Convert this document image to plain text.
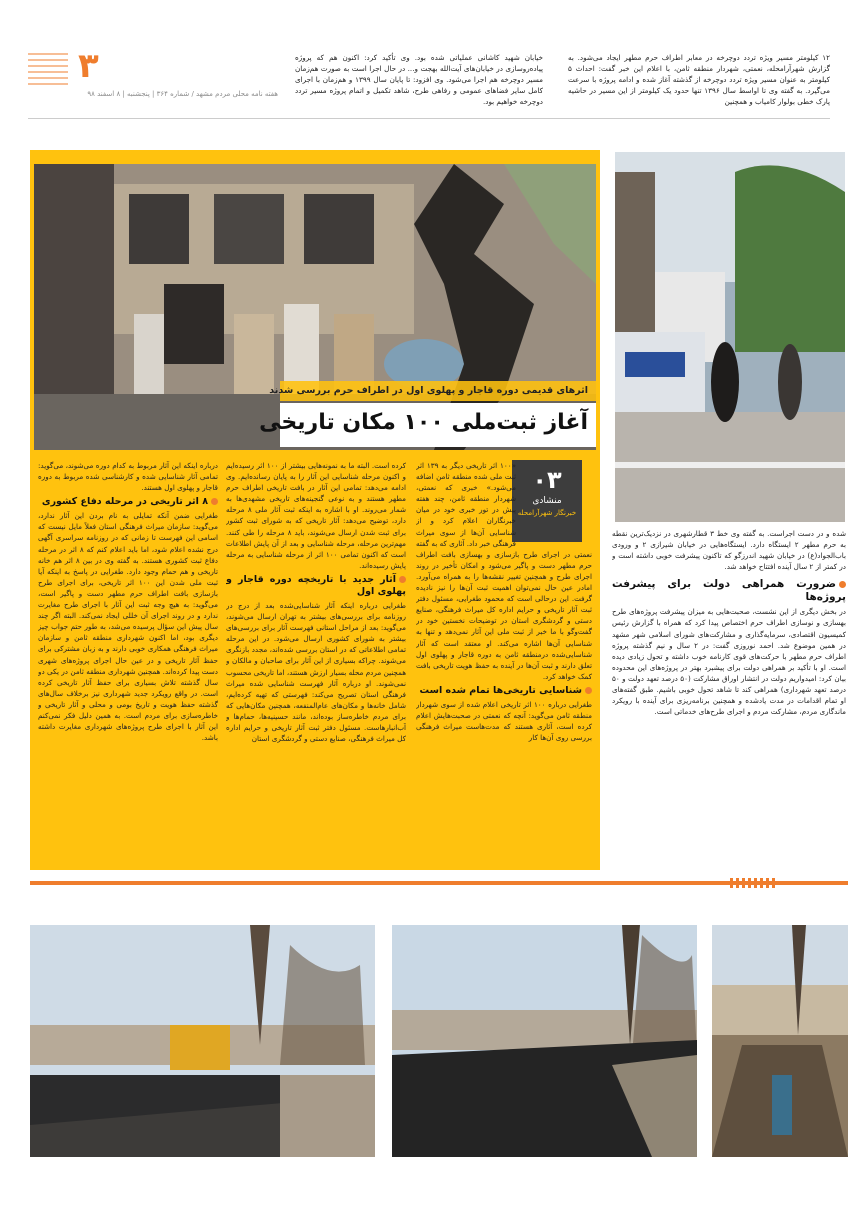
۳
هفته نامه محلی مردم مشهد / شماره ۳۶۴ | پنجشنبه | ۸ اسفند ۹۸
خیابان شهید کاشانی عملیاتی شده بود. وی تأکید کرد: اکنون هم که پروژه پیاده‌روسازی در خیابان‌های آیت‌الله بهجت و... در حال اجرا است به صورت هم‌زمان مسیر دوچرخه هم اجرا می‌شود. وی افزود: تا پایان سال ۱۳۹۹ و هم‌زمان با اجرای کامل سایر فضاهای عمومی و رفاهی طرح، شاهد تکمیل و اتمام پروژه مسیر تردد دوچرخه خواهیم بود.
۱۲ کیلومتر مسیر ویژه تردد دوچرخه در معابر اطراف حرم مطهر ایجاد می‌شود. به گزارش شهرآرامحله، نعمتی، شهردار منطقه ثامن، با اعلام این خبر گفت: احداث ۵ کیلومتر به عنوان مسیر ویژه تردد دوچرخه از گذشته آغاز شده و ادامه پروژه با سرعت می‌گیرد. به گفته وی تا اواسط سال ۱۳۹۶ تنها حدود یک کیلومتر از این مسیر در حاشیه پارک خطی بولوار کامیاب و همچنین
اثرهای قدیمی دوره قاجار و پهلوی اول در اطراف حرم بررسی شدند
آغاز ثبت‌ملی ۱۰۰ مکان تاریخی
۰۳
منشادی
خبرنگار شهرآرامحله

«۱۰۰ اثر تاریخی دیگر به ۱۳۹ اثر ثبت ملی شده منطقه ثامن اضافه می‌شود.» خبری که نعمتی، شهردار منطقه ثامن، چند هفته پیش در تور خبری خود در میان خبرنگاران اعلام کرد و از شناسایی آن‌ها از سوی میراث فرهنگی خبر داد. آثاری که به گفته نعمتی در اجرای طرح بازسازی و بهسازی بافت اطراف حرم مطهر دست‌ و پاگیر می‌شود و امکان تأخیر در روند اجرای طرح و همچنین تغییر نقشه‌ها را به همراه می‌آورد. امادر عین حال نمی‌توان اهمیت ثبت آن‌ها را نیز نادیده گرفت. این درحالی است که محمود طغرایی، مسئول دفتر ثبت آثار تاریخی و حرایم اداره کل میراث فرهنگی، صنایع دستی و گردشگری استان در توضیحات نخستین خود در گفت‌وگو با ما خبر از ثبت ملی این آثار نمی‌دهد و تنها به شناسایی آن‌ها اشاره می‌کند. او معتقد است که آثار شناسایی‌شده درمنطقه ثامن به دوره قاجار و پهلوی اول تعلق دارند و ثبت آن‌ها در آینده به حفظ هویت تاریخی بافت کمک خواهد کرد.

شناسایی تاریخی‌ها تمام شده است

طغرایی درباره ۱۰۰ اثر تاریخی اعلام شده از سوی شهردار منطقه ثامن می‌گوید: آنچه که نعمتی در صحبت‌هایش اعلام کرده است، آثاری هستند که مدت‌هاست میراث فرهنگی بررسی روی آن‌ها کار

کرده است. البته ما به نمونه‌هایی بیشتر از ۱۰۰ اثر رسیده‌ایم و اکنون مرحله شناسایی این آثار را به پایان رسانده‌ایم. وی ادامه می‌دهد: تمامی این آثار در بافت تاریخی اطراف حرم مطهر هستند و به نوعی گنجینه‌های تاریخی مشهدی‌ها به شمار می‌روند. او با اشاره به اینکه ثبت آثار ملی ۸ مرحله دارد، توضیح می‌دهد: آثار تاریخی که به شورای ثبت کشور برای ثبت شدن ارسال می‌شوند، باید ۸ مرحله را طی کنند. مهم‌ترین مرحله، مرحله شناسایی و بعد از آن پایش اطلاعات است که اکنون تمامی ۱۰۰ اثر از مرحله شناسایی به مرحله پایش رسیده‌اند.

آثار جدید با تاریخچه دوره قاجار و پهلوی اول

طغرایی درباره اینکه آثار شناسایی‌شده بعد از درج در روزنامه برای بررسی‌های بیشتر به تهران ارسال می‌شوند، می‌گوید: بعد از مراحل استانی فهرست آثار برای بررسی‌های بیشتر به شورای کشوری ارسال می‌شود. در این مرحله تمامی اطلاعاتی که در استان بررسی شده‌اند، مجدد بازنگری می‌شوند. چراکه بسیاری از این آثار برای صاحبان و مالکان و همچنین مردم محله بسیار ارزش هستند، اما تاریخی محسوب نمی‌شوند. او درباره آثار فهرست شناسایی شده میراث فرهنگی استان تصریح می‌کند: فهرستی که تهیه کرده‌ایم، شامل خانه‌ها و مکان‌های عام‌المنفعه، همچنین مکان‌هایی که برای مردم خاطره‌ساز بوده‌اند، مانند حسینیه‌ها، حمام‌ها و آب‌انبارهاست. مسئول دفتر ثبت آثار تاریخی و حرایم اداره کل میراث فرهنگی، صنایع دستی و گردشگری استان

درباره اینکه این آثار مربوط به کدام دوره می‌شوند، می‌گوید: تمامی آثار شناسایی شده و کارشناسی شده مربوط به دوره قاجار و پهلوی اول هستند.

۸ اثر تاریخی در مرحله دفاع کشوری

طغرایی ضمن آنکه تمایلی به نام بردن این آثار ندارد، می‌گوید: سازمان میراث فرهنگی استان فعلاً مایل نیست که اسامی این فهرست تا زمانی که در روزنامه سراسری آگهی درج نشده اعلام شود، اما باید اعلام کنم که ۸ اثر در مرحله دفاع ثبت کشوری هستند. به گفته وی در بین ۸ اثر هم خانه تاریخی و هم حمام وجود دارد. طغرایی در پاسخ به اینکه آیا ثبت ملی شدن این ۱۰۰ اثر تاریخی، برای اجرای طرح بازسازی بافت اطراف حرم مطهر دست ‌و پاگیر است، می‌گوید: به هیچ وجه ثبت این آثار با اجرای طرح مغایرت ندارد و در روند اجرای آن خللی ایجاد نمی‌کند. البته اگر چند سال پیش این سؤال پرسیده می‌شد، به طور حتم جواب چیز دیگری بود، اما اکنون شهرداری منطقه ثامن و سازمان میراث فرهنگی همکاری خوبی دارند و به زبان مشترکی برای حفظ آثار تاریخی و در عین حال اجرای پروژه‌های شهری دست پیدا کرده‌اند. همچنین شهرداری منطقه ثامن در یکی دو سال گذشته تلاش بسیاری برای حفظ آثار تاریخی کرده است. در واقع رویکرد جدید شهرداری نیز برخلاف سال‌های گذشته حفظ هویت و تاریخ بومی و محلی و آثار تاریخی و خاطره‌سازی برای مردم است. به همین دلیل فکر نمی‌کنم این آثار با اجرای طرح پروژه‌های شهرداری مغایرت داشته باشد.

شده و در دست اجراست. به گفته وی خط ۳ قطارشهری در نزدیک‌ترین نقطه به حرم مطهر ۲ ایستگاه دارد. ایستگاه‌هایی در خیابان شیرازی ۲ و ورودی باب‌الجواد(ع) در خیابان شهید اندرزگو که تاکنون پیشرفت خوبی داشته است و در کمتر از ۲ سال آینده افتتاح خواهد شد.

ضرورت همراهی دولت برای پیشرفت پروژه‌ها

در بخش دیگری از این نشست، صحبت‌هایی به میزان پیشرفت پروژه‌های طرح بهسازی و نوسازی اطراف حرم اختصاص پیدا کرد که همراه با گزارش رئیس کمیسیون اقتصادی، سرمایه‌گذاری و مشارکت‌های شورای اسلامی شهر مشهد در همین موضوع شد. احمد نوروزی گفت: در ۲ سال و نیم گذشته پروژه اطراف حرم مطهر با حرکت‌های قوی کارنامه خوب داشته و تحول زیادی دیده است. او با تأکید بر همراهی دولت برای پیشبرد بهتر در پروژه‌های این محدوده بیان کرد: امیدواریم دولت در انتشار اوراق مشارکت (۵۰ درصد تعهد دولت و ۵۰ درصد تعهد شهرداری) همراهی کند تا شاهد تحول خوبی باشیم. طبق گفته‌های او تمام اقدامات در مدت یادشده و همچنین برنامه‌ریزی برای آینده با رویکرد ماندگاری مردم، مشارکت مردم و اجرای طرح‌های خدماتی است.
